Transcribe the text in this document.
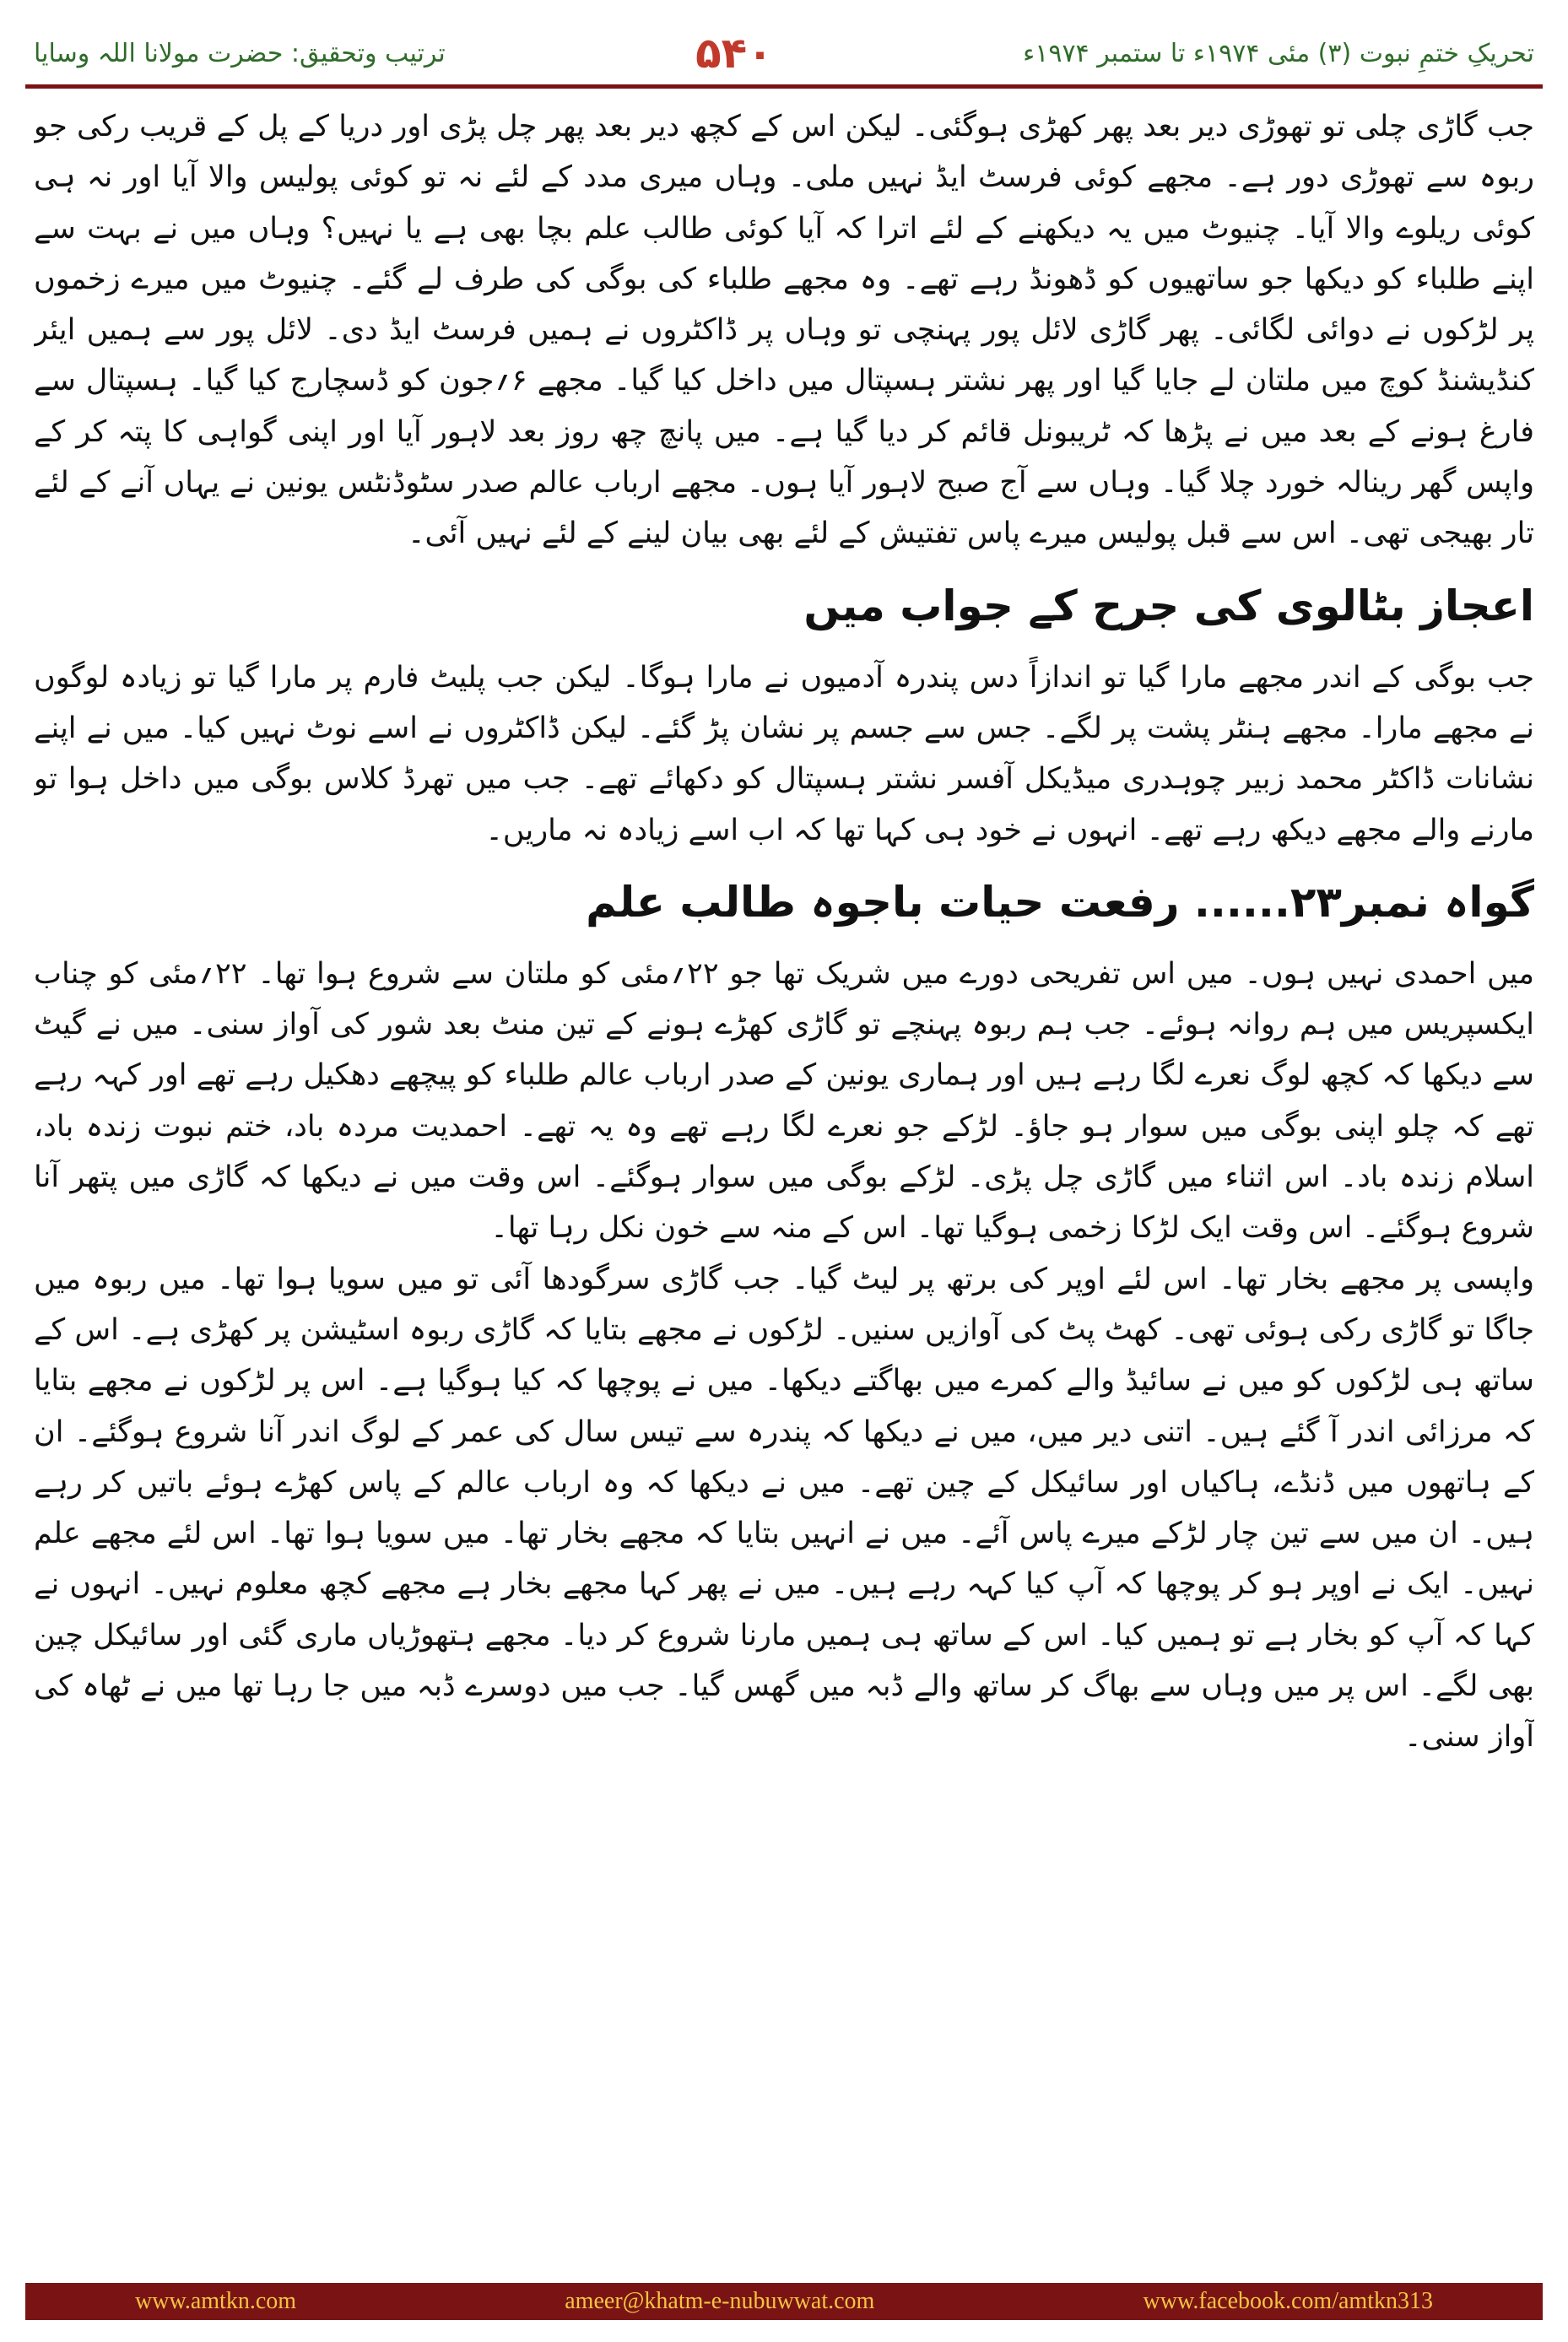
تحریکِ ختمِ نبوت (۳) مئی ۱۹۷۴ء تا ستمبر ۱۹۷۴ء
۵۴۰
ترتیب وتحقیق: حضرت مولانا اللہ وسایا

جب گاڑی چلی تو تھوڑی دیر بعد پھر کھڑی ہوگئی۔ لیکن اس کے کچھ دیر بعد پھر چل پڑی اور دریا کے پل کے قریب رکی جو ربوہ سے تھوڑی دور ہے۔ مجھے کوئی فرسٹ ایڈ نہیں ملی۔ وہاں میری مدد کے لئے نہ تو کوئی پولیس والا آیا اور نہ ہی کوئی ریلوے والا آیا۔ چنیوٹ میں یہ دیکھنے کے لئے اترا کہ آیا کوئی طالب علم بچا بھی ہے یا نہیں؟ وہاں میں نے بہت سے اپنے طلباء کو دیکھا جو ساتھیوں کو ڈھونڈ رہے تھے۔ وہ مجھے طلباء کی بوگی کی طرف لے گئے۔ چنیوٹ میں میرے زخموں پر لڑکوں نے دوائی لگائی۔ پھر گاڑی لائل پور پہنچی تو وہاں پر ڈاکٹروں نے ہمیں فرسٹ ایڈ دی۔ لائل پور سے ہمیں ایئر کنڈیشنڈ کوچ میں ملتان لے جایا گیا اور پھر نشتر ہسپتال میں داخل کیا گیا۔ مجھے ۶؍جون کو ڈسچارج کیا گیا۔ ہسپتال سے فارغ ہونے کے بعد میں نے پڑھا کہ ٹریبونل قائم کر دیا گیا ہے۔ میں پانچ چھ روز بعد لاہور آیا اور اپنی گواہی کا پتہ کر کے واپس گھر رینالہ خورد چلا گیا۔ وہاں سے آج صبح لاہور آیا ہوں۔ مجھے ارباب عالم صدر سٹوڈنٹس یونین نے یہاں آنے کے لئے تار بھیجی تھی۔ اس سے قبل پولیس میرے پاس تفتیش کے لئے بھی بیان لینے کے لئے نہیں آئی۔

اعجاز بٹالوی کی جرح کے جواب میں

جب بوگی کے اندر مجھے مارا گیا تو اندازاً دس پندرہ آدمیوں نے مارا ہوگا۔ لیکن جب پلیٹ فارم پر مارا گیا تو زیادہ لوگوں نے مجھے مارا۔ مجھے ہنٹر پشت پر لگے۔ جس سے جسم پر نشان پڑ گئے۔ لیکن ڈاکٹروں نے اسے نوٹ نہیں کیا۔ میں نے اپنے نشانات ڈاکٹر محمد زبیر چوہدری میڈیکل آفسر نشتر ہسپتال کو دکھائے تھے۔ جب میں تھرڈ کلاس بوگی میں داخل ہوا تو مارنے والے مجھے دیکھ رہے تھے۔ انہوں نے خود ہی کہا تھا کہ اب اسے زیادہ نہ ماریں۔

گواہ نمبر۲۳...... رفعت حیات باجوہ طالب علم

میں احمدی نہیں ہوں۔ میں اس تفریحی دورے میں شریک تھا جو ۲۲؍مئی کو ملتان سے شروع ہوا تھا۔ ۲۲؍مئی کو چناب ایکسپریس میں ہم روانہ ہوئے۔ جب ہم ربوہ پہنچے تو گاڑی کھڑے ہونے کے تین منٹ بعد شور کی آواز سنی۔ میں نے گیٹ سے دیکھا کہ کچھ لوگ نعرے لگا رہے ہیں اور ہماری یونین کے صدر ارباب عالم طلباء کو پیچھے دھکیل رہے تھے اور کہہ رہے تھے کہ چلو اپنی بوگی میں سوار ہو جاؤ۔ لڑکے جو نعرے لگا رہے تھے وہ یہ تھے۔ احمدیت مردہ باد، ختم نبوت زندہ باد، اسلام زندہ باد۔ اس اثناء میں گاڑی چل پڑی۔ لڑکے بوگی میں سوار ہوگئے۔ اس وقت میں نے دیکھا کہ گاڑی میں پتھر آنا شروع ہوگئے۔ اس وقت ایک لڑکا زخمی ہوگیا تھا۔ اس کے منہ سے خون نکل رہا تھا۔

واپسی پر مجھے بخار تھا۔ اس لئے اوپر کی برتھ پر لیٹ گیا۔ جب گاڑی سرگودھا آئی تو میں سویا ہوا تھا۔ میں ربوہ میں جاگا تو گاڑی رکی ہوئی تھی۔ کھٹ پٹ کی آوازیں سنیں۔ لڑکوں نے مجھے بتایا کہ گاڑی ربوہ اسٹیشن پر کھڑی ہے۔ اس کے ساتھ ہی لڑکوں کو میں نے سائیڈ والے کمرے میں بھاگتے دیکھا۔ میں نے پوچھا کہ کیا ہوگیا ہے۔ اس پر لڑکوں نے مجھے بتایا کہ مرزائی اندر آ گئے ہیں۔ اتنی دیر میں، میں نے دیکھا کہ پندرہ سے تیس سال کی عمر کے لوگ اندر آنا شروع ہوگئے۔ ان کے ہاتھوں میں ڈنڈے، ہاکیاں اور سائیکل کے چین تھے۔ میں نے دیکھا کہ وہ ارباب عالم کے پاس کھڑے ہوئے باتیں کر رہے ہیں۔ ان میں سے تین چار لڑکے میرے پاس آئے۔ میں نے انہیں بتایا کہ مجھے بخار تھا۔ میں سویا ہوا تھا۔ اس لئے مجھے علم نہیں۔ ایک نے اوپر ہو کر پوچھا کہ آپ کیا کہہ رہے ہیں۔ میں نے پھر کہا مجھے بخار ہے مجھے کچھ معلوم نہیں۔ انہوں نے کہا کہ آپ کو بخار ہے تو ہمیں کیا۔ اس کے ساتھ ہی ہمیں مارنا شروع کر دیا۔ مجھے ہتھوڑیاں ماری گئی اور سائیکل چین بھی لگے۔ اس پر میں وہاں سے بھاگ کر ساتھ والے ڈبہ میں گھس گیا۔ جب میں دوسرے ڈبہ میں جا رہا تھا میں نے ٹھاہ کی آواز سنی۔

www.amtkn.com	ameer@khatm-e-nubuwwat.com	www.facebook.com/amtkn313
